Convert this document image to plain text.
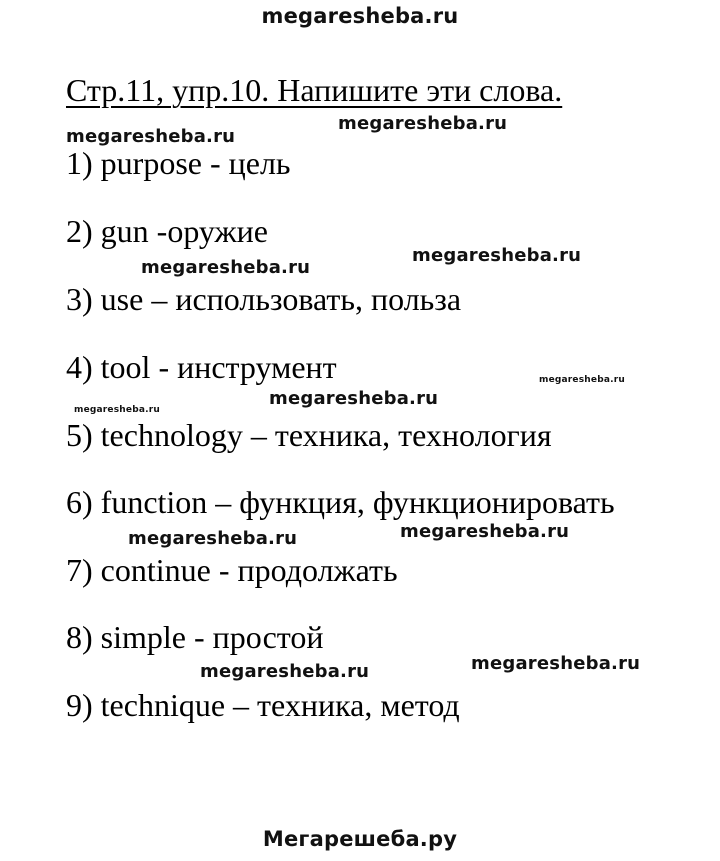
megaresheba.ru
megaresheba.ru
megaresheba.ru
megaresheba.ru
megaresheba.ru
megaresheba.ru
megaresheba.ru
megaresheba.ru
megaresheba.ru
megaresheba.ru
megaresheba.ru
megaresheba.ru
Стр.11, упр.10. Напишите эти слова.
1) purpose - цель
2) gun -оружие
3) use – использовать, польза
4) tool - инструмент
5) technology – техника, технология
6) function – функция, функционировать
7) continue - продолжать
8) simple - простой
9) technique – техника, метод
Мегарешеба.ру
